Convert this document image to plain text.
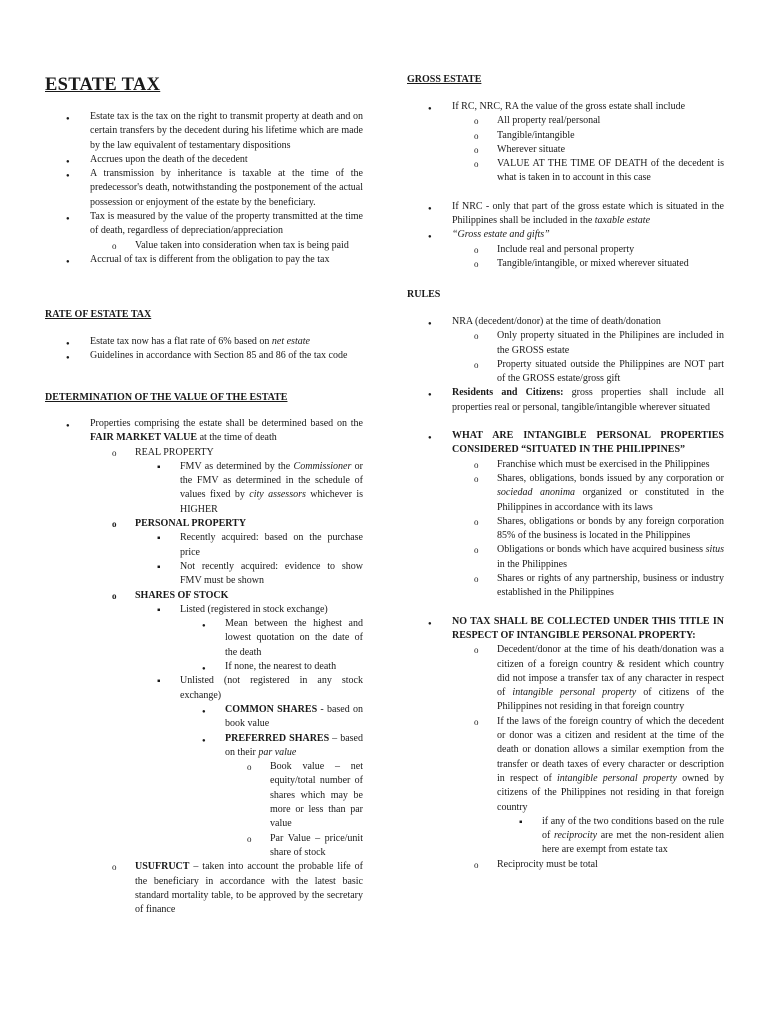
ESTATE TAX
●
Estate tax is the tax on the right to transmit property at death and on certain transfers by the decedent during his lifetime which are made by the law equivalent of testamentary dispositions
●
Accrues upon the death of the decedent
●
A transmission by inheritance is taxable at the time of the predecessor's death, notwithstanding the postponement of the actual possession or enjoyment of the estate by the beneficiary.
●
Tax is measured by the value of the property transmitted at the time of death, regardless of depreciation/appreciation
o
Value taken into consideration when tax is being paid
●
Accrual of tax is different from the obligation to pay the tax
RATE OF ESTATE TAX
●
Estate tax now has a flat rate of 6% based on net estate
●
Guidelines in accordance with Section 85 and 86 of the tax code
DETERMINATION OF THE VALUE OF THE ESTATE
●
Properties comprising the estate shall be determined based on the FAIR MARKET VALUE at the time of death
o
REAL PROPERTY
▪
FMV as determined by the Commissioner or the FMV as determined in the schedule of values fixed by city assessors whichever is HIGHER
o
PERSONAL PROPERTY
▪
Recently acquired: based on the purchase price
▪
Not recently acquired: evidence to show FMV must be shown
o
SHARES OF STOCK
▪
Listed (registered in stock exchange)
●
Mean between the highest and lowest quotation on the date of the death
●
If none, the nearest to death
▪
Unlisted (not registered in any stock exchange)
●
COMMON SHARES - based on book value
●
PREFERRED SHARES – based on their par value
o
Book value – net equity/total number of shares which may be more or less than par value
o
Par Value – price/unit share of stock
o
USUFRUCT – taken into account the probable life of the beneficiary in accordance with the latest basic standard mortality table, to be approved by the secretary of finance
GROSS ESTATE
●
If RC, NRC, RA the value of the gross estate shall include
o
All property real/personal
o
Tangible/intangible
o
Wherever situate
o
VALUE AT THE TIME OF DEATH of the decedent is what is taken in to account in this case
●
If NRC - only that part of the gross estate which is situated in the Philippines shall be included in the taxable estate
●
“Gross estate and gifts”
o
Include real and personal property
o
Tangible/intangible, or mixed wherever situated
RULES
●
NRA (decedent/donor) at the time of death/donation
o
Only property situated in the Philipines are included in the GROSS estate
o
Property situated outside the Philippines are NOT part of the GROSS estate/gross gift
●
Residents and Citizens: gross properties shall include all properties real or personal, tangible/intangible wherever situated
●
WHAT ARE INTANGIBLE PERSONAL PROPERTIES CONSIDERED “SITUATED IN THE PHILIPPINES”
o
Franchise which must be exercised in the Philippines
o
Shares, obligations, bonds issued by any corporation or sociedad anonima organized or constituted in the Philippines in accordance with its laws
o
Shares, obligations or bonds by any foreign corporation 85% of the business is located in the Philippines
o
Obligations or bonds which have acquired business situs in the Philippines
o
Shares or rights of any partnership, business or industry established in the Philippines
●
NO TAX SHALL BE COLLECTED UNDER THIS TITLE IN RESPECT OF INTANGIBLE PERSONAL PROPERTY:
o
Decedent/donor at the time of his death/donation was a citizen of a foreign country & resident which country did not impose a transfer tax of any character in respect of intangible personal property of citizens of the Philippines not residing in that foreign country
o
If the laws of the foreign country of which the decedent or donor was a citizen and resident at the time of the death or donation allows a similar exemption from the transfer or death taxes of every character or description in respect of intangible personal property owned by citizens of the Philippines not residing in that foreign country
▪
if any of the two conditions based on the rule of reciprocity are met the non-resident alien here are exempt from estate tax
o
Reciprocity must be total
